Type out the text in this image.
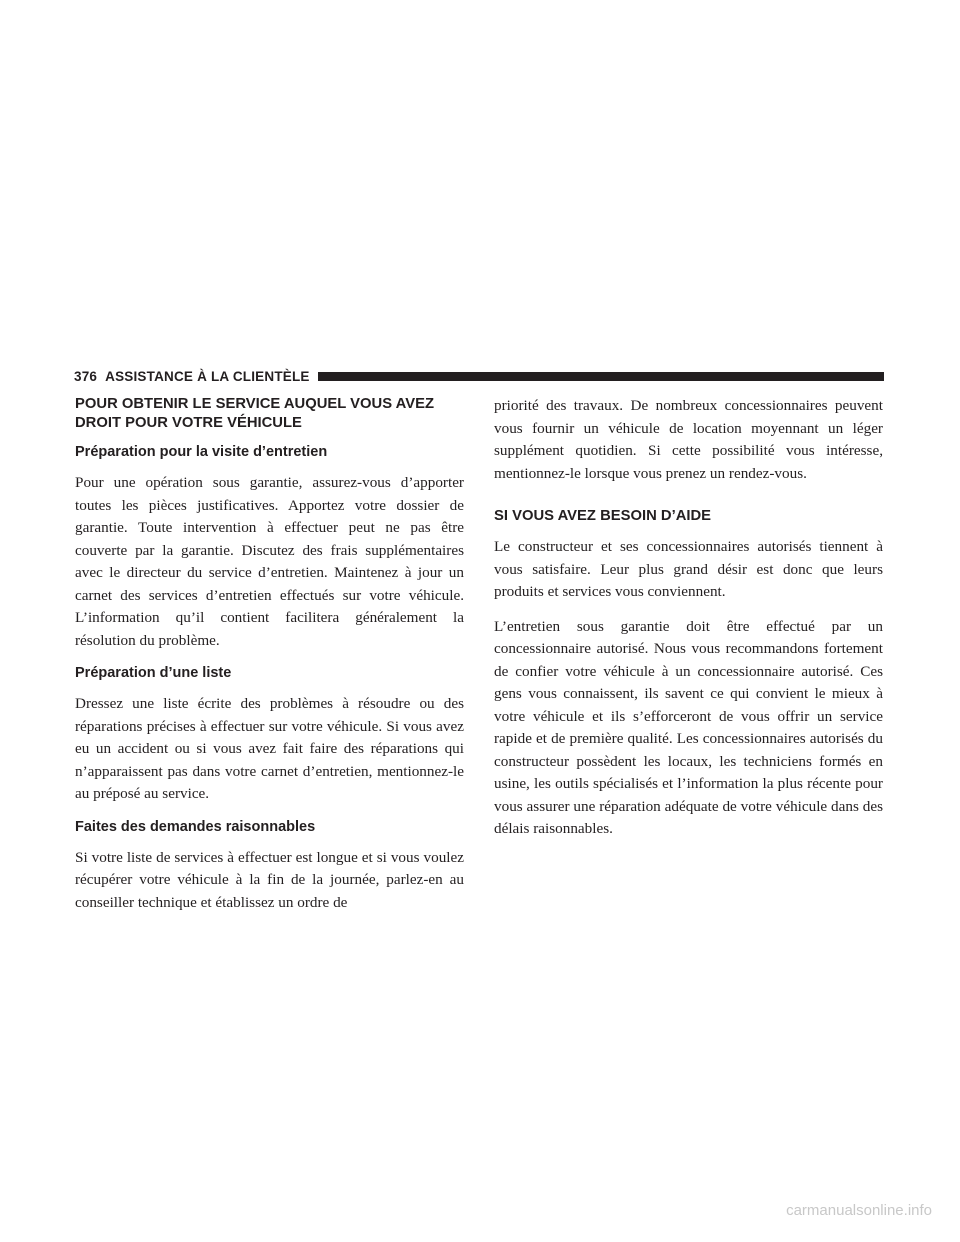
376 ASSISTANCE À LA CLIENTÈLE
POUR OBTENIR LE SERVICE AUQUEL VOUS AVEZ DROIT POUR VOTRE VÉHICULE
Préparation pour la visite d’entretien

Pour une opération sous garantie, assurez-vous d’apporter toutes les pièces justificatives. Apportez votre dossier de garantie. Toute intervention à effectuer peut ne pas être couverte par la garantie. Discutez des frais supplémentaires avec le directeur du service d’entretien. Maintenez à jour un carnet des services d’entretien effectués sur votre véhicule. L’information qu’il contient facilitera généralement la résolution du problème.

Préparation d’une liste

Dressez une liste écrite des problèmes à résoudre ou des réparations précises à effectuer sur votre véhicule. Si vous avez eu un accident ou si vous avez fait faire des réparations qui n’apparaissent pas dans votre carnet d’entretien, mentionnez-le au préposé au service.

Faites des demandes raisonnables

Si votre liste de services à effectuer est longue et si vous voulez récupérer votre véhicule à la fin de la journée, parlez-en au conseiller technique et établissez un ordre de

priorité des travaux. De nombreux concessionnaires peuvent vous fournir un véhicule de location moyennant un léger supplément quotidien. Si cette possibilité vous intéresse, mentionnez-le lorsque vous prenez un rendez-vous.

SI VOUS AVEZ BESOIN D’AIDE

Le constructeur et ses concessionnaires autorisés tiennent à vous satisfaire. Leur plus grand désir est donc que leurs produits et services vous conviennent.

L’entretien sous garantie doit être effectué par un concessionnaire autorisé. Nous vous recommandons fortement de confier votre véhicule à un concessionnaire autorisé. Ces gens vous connaissent, ils savent ce qui convient le mieux à votre véhicule et ils s’efforceront de vous offrir un service rapide et de première qualité. Les concessionnaires autorisés du constructeur possèdent les locaux, les techniciens formés en usine, les outils spécialisés et l’information la plus récente pour vous assurer une réparation adéquate de votre véhicule dans des délais raisonnables.

carmanualsonline.info
